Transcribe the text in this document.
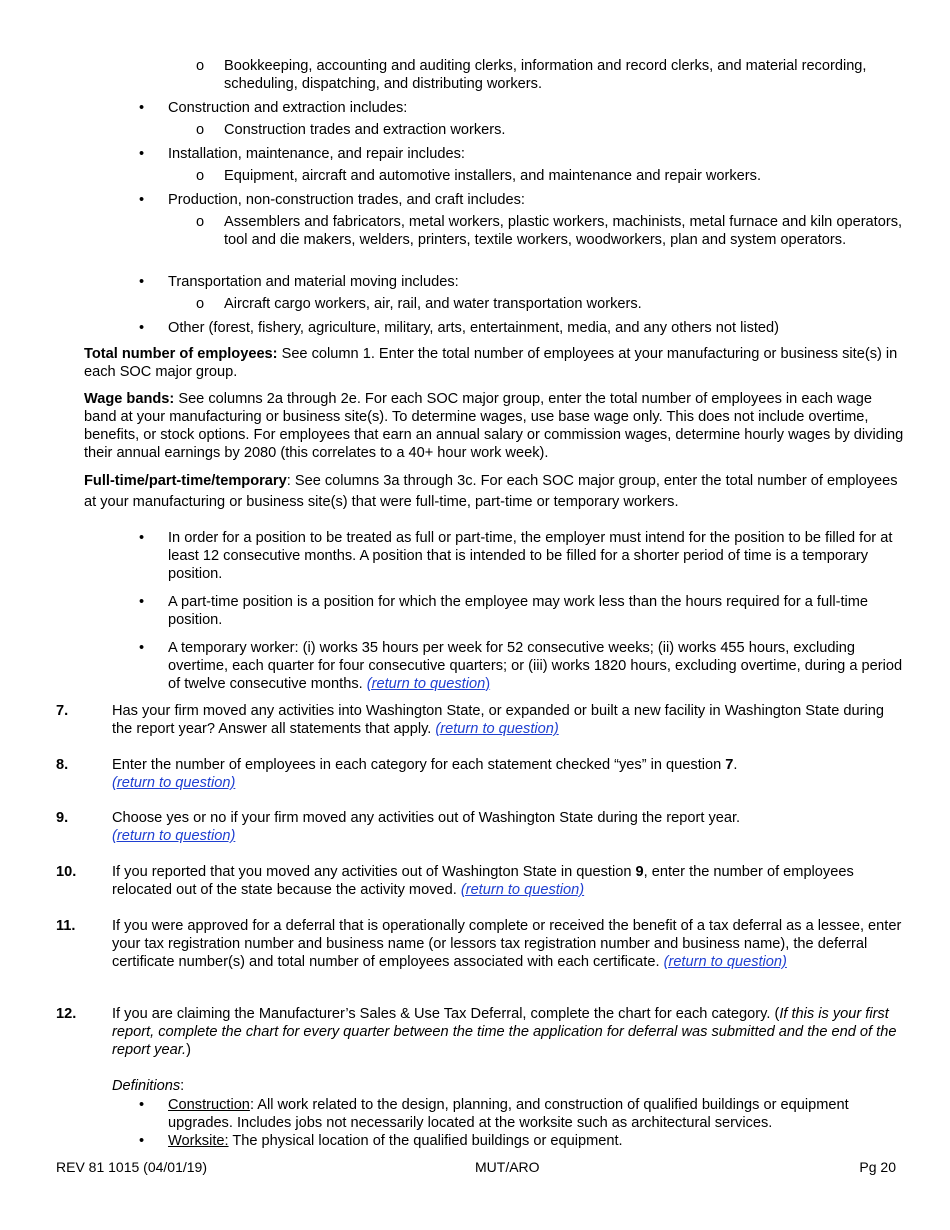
o Bookkeeping, accounting and auditing clerks, information and record clerks, and material recording, scheduling, dispatching, and distributing workers.
• Construction and extraction includes:
o Construction trades and extraction workers.
• Installation, maintenance, and repair includes:
o Equipment, aircraft and automotive installers, and maintenance and repair workers.
• Production, non-construction trades, and craft includes:
o Assemblers and fabricators, metal workers, plastic workers, machinists, metal furnace and kiln operators, tool and die makers, welders, printers, textile workers, woodworkers, plan and system operators.
• Transportation and material moving includes:
o Aircraft cargo workers, air, rail, and water transportation workers.
• Other (forest, fishery, agriculture, military, arts, entertainment, media, and any others not listed)
Total number of employees: See column 1. Enter the total number of employees at your manufacturing or business site(s) in each SOC major group.
Wage bands: See columns 2a through 2e. For each SOC major group, enter the total number of employees in each wage band at your manufacturing or business site(s). To determine wages, use base wage only. This does not include overtime, benefits, or stock options. For employees that earn an annual salary or commission wages, determine hourly wages by dividing their annual earnings by 2080 (this correlates to a 40+ hour work week).
Full-time/part-time/temporary: See columns 3a through 3c. For each SOC major group, enter the total number of employees at your manufacturing or business site(s) that were full-time, part-time or temporary workers.
• In order for a position to be treated as full or part-time, the employer must intend for the position to be filled for at least 12 consecutive months. A position that is intended to be filled for a shorter period of time is a temporary position.
• A part-time position is a position for which the employee may work less than the hours required for a full-time position.
• A temporary worker: (i) works 35 hours per week for 52 consecutive weeks; (ii) works 455 hours, excluding overtime, each quarter for four consecutive quarters; or (iii) works 1820 hours, excluding overtime, during a period of twelve consecutive months. (return to question)
7.	Has your firm moved any activities into Washington State, or expanded or built a new facility in Washington State during the report year? Answer all statements that apply. (return to question)
8.	Enter the number of employees in each category for each statement checked “yes” in question 7.
(return to question)
9.	Choose yes or no if your firm moved any activities out of Washington State during the report year.
(return to question)
10. If you reported that you moved any activities out of Washington State in question 9, enter the number of employees relocated out of the state because the activity moved. (return to question)
11.	If you were approved for a deferral that is operationally complete or received the benefit of a tax deferral as a lessee, enter your tax registration number and business name (or lessors tax registration number and business name), the deferral certificate number(s) and total number of employees associated with each certificate. (return to question)
12. If you are claiming the Manufacturer’s Sales & Use Tax Deferral, complete the chart for each category. (If this is your first report, complete the chart for every quarter between the time the application for deferral was submitted and the end of the report year.)
Definitions:
• Construction: All work related to the design, planning, and construction of qualified buildings or equipment upgrades. Includes jobs not necessarily located at the worksite such as architectural services.
• Worksite: The physical location of the qualified buildings or equipment.
REV 81 1015 (04/01/19)	MUT/ARO	Pg 20
